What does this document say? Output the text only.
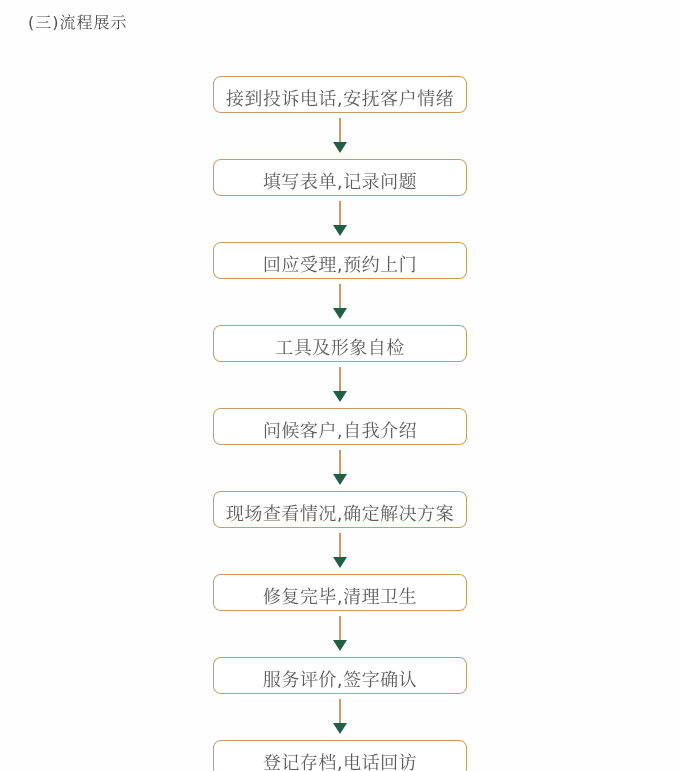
(三)流程展示
接到投诉电话,安抚客户情绪
填写表单,记录问题
回应受理,预约上门
工具及形象自检
问候客户,自我介绍
现场查看情况,确定解决方案
修复完毕,清理卫生
服务评价,签字确认
登记存档,电话回访
